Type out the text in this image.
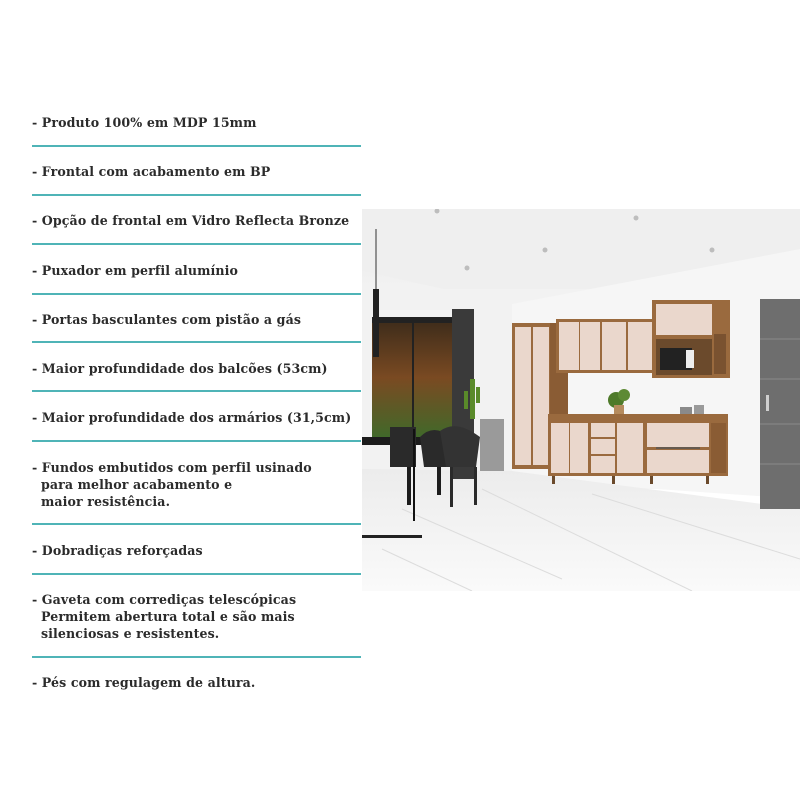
- Produto 100% em MDP 15mm
- Frontal com acabamento em BP
- Opção de frontal em Vidro Reflecta Bronze
- Puxador em perfil alumínio
- Portas basculantes com pistão a gás
- Maior profundidade dos balcões (53cm)
- Maior profundidade dos armários (31,5cm)
- Fundos embutidos com perfil usinado
para melhor acabamento e
maior resistência.
- Dobradiças reforçadas
- Gaveta com corrediças telescópicas
Permitem abertura total e são mais
silenciosas e resistentes.
- Pés com regulagem de altura.
